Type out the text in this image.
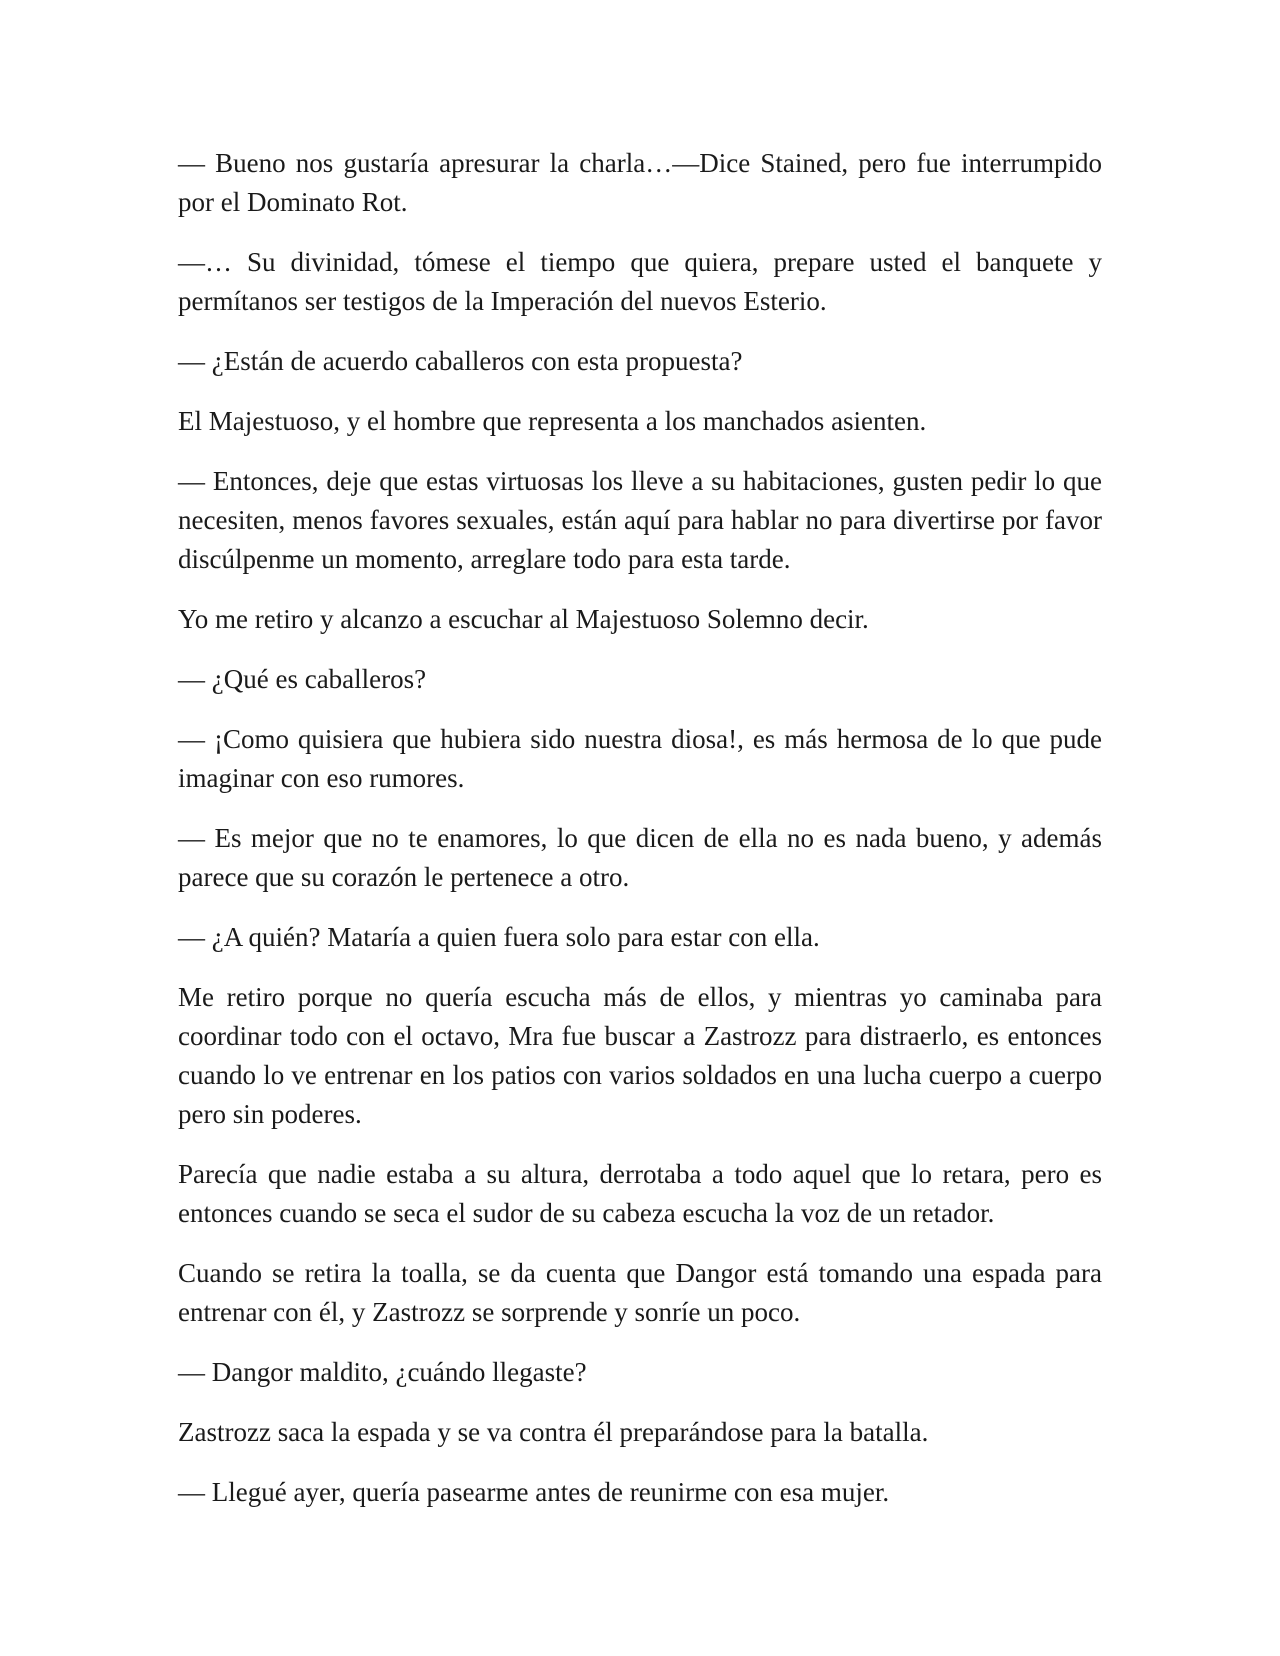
— Bueno nos gustaría apresurar la charla…—Dice Stained, pero fue interrumpido por el Dominato Rot.

—… Su divinidad, tómese el tiempo que quiera, prepare usted el banquete y permítanos ser testigos de la Imperación del nuevos Esterio.

— ¿Están de acuerdo caballeros con esta propuesta?

El Majestuoso, y el hombre que representa a los manchados asienten.

— Entonces, deje que estas virtuosas los lleve a su habitaciones, gusten pedir lo que necesiten, menos favores sexuales, están aquí para hablar no para divertirse por favor discúlpenme un momento, arreglare todo para esta tarde.

Yo me retiro y alcanzo a escuchar al Majestuoso Solemno decir.

— ¿Qué es caballeros?

— ¡Como quisiera que hubiera sido nuestra diosa!, es más hermosa de lo que pude imaginar con eso rumores.

— Es mejor que no te enamores, lo que dicen de ella no es nada bueno, y además parece que su corazón le pertenece a otro.

— ¿A quién? Mataría a quien fuera solo para estar con ella.

Me retiro porque no quería escucha más de ellos, y mientras yo caminaba para coordinar todo con el octavo, Mra fue buscar a Zastrozz para distraerlo, es entonces cuando lo ve entrenar en los patios con varios soldados en una lucha cuerpo a cuerpo pero sin poderes.

Parecía que nadie estaba a su altura, derrotaba a todo aquel que lo retara, pero es entonces cuando se seca el sudor de su cabeza escucha la voz de un retador.

Cuando se retira la toalla, se da cuenta que Dangor está tomando una espada para entrenar con él, y Zastrozz se sorprende y sonríe un poco.

— Dangor maldito, ¿cuándo llegaste?

Zastrozz saca la espada y se va contra él preparándose para la batalla.

— Llegué ayer, quería pasearme antes de reunirme con esa mujer.
